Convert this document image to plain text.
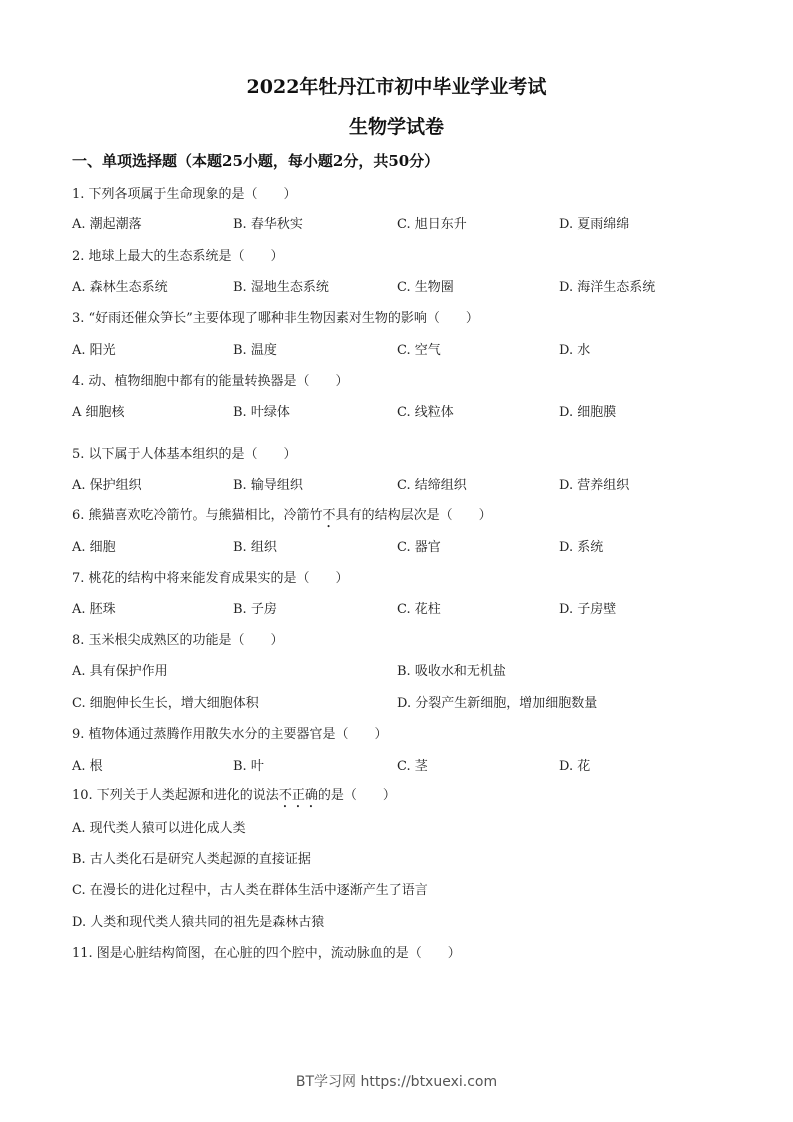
2022年牡丹江市初中毕业学业考试
生物学试卷
一、单项选择题（本题25小题，每小题2分，共50分）
1. 下列各项属于生命现象的是（　　）
A. 潮起潮落	B. 春华秋实	C. 旭日东升	D. 夏雨绵绵
2. 地球上最大的生态系统是（　　）
A. 森林生态系统	B. 湿地生态系统	C. 生物圈	D. 海洋生态系统
3. “好雨还催众笋长”主要体现了哪种非生物因素对生物的影响（　　）
A. 阳光	B. 温度	C. 空气	D. 水
4. 动、植物细胞中都有的能量转换器是（　　）
A 细胞核	B. 叶绿体	C. 线粒体	D. 细胞膜
5. 以下属于人体基本组织的是（　　）
A. 保护组织	B. 输导组织	C. 结缔组织	D. 营养组织
6. 熊猫喜欢吃冷箭竹。与熊猫相比，冷箭竹不具有的结构层次是（　　）
A. 细胞	B. 组织	C. 器官	D. 系统
7. 桃花的结构中将来能发育成果实的是（　　）
A. 胚珠	B. 子房	C. 花柱	D. 子房壁
8. 玉米根尖成熟区的功能是（　　）
A. 具有保护作用	B. 吸收水和无机盐
C. 细胞伸长生长，增大细胞体积	D. 分裂产生新细胞，增加细胞数量
9. 植物体通过蒸腾作用散失水分的主要器官是（　　）
A. 根	B. 叶	C. 茎	D. 花
10. 下列关于人类起源和进化的说法不正确的是（　　）
A. 现代类人猿可以进化成人类
B. 古人类化石是研究人类起源的直接证据
C. 在漫长的进化过程中，古人类在群体生活中逐渐产生了语言
D. 人类和现代类人猿共同的祖先是森林古猿
11. 图是心脏结构简图，在心脏的四个腔中，流动脉血的是（　　）
BT学习网 https://btxuexi.com
